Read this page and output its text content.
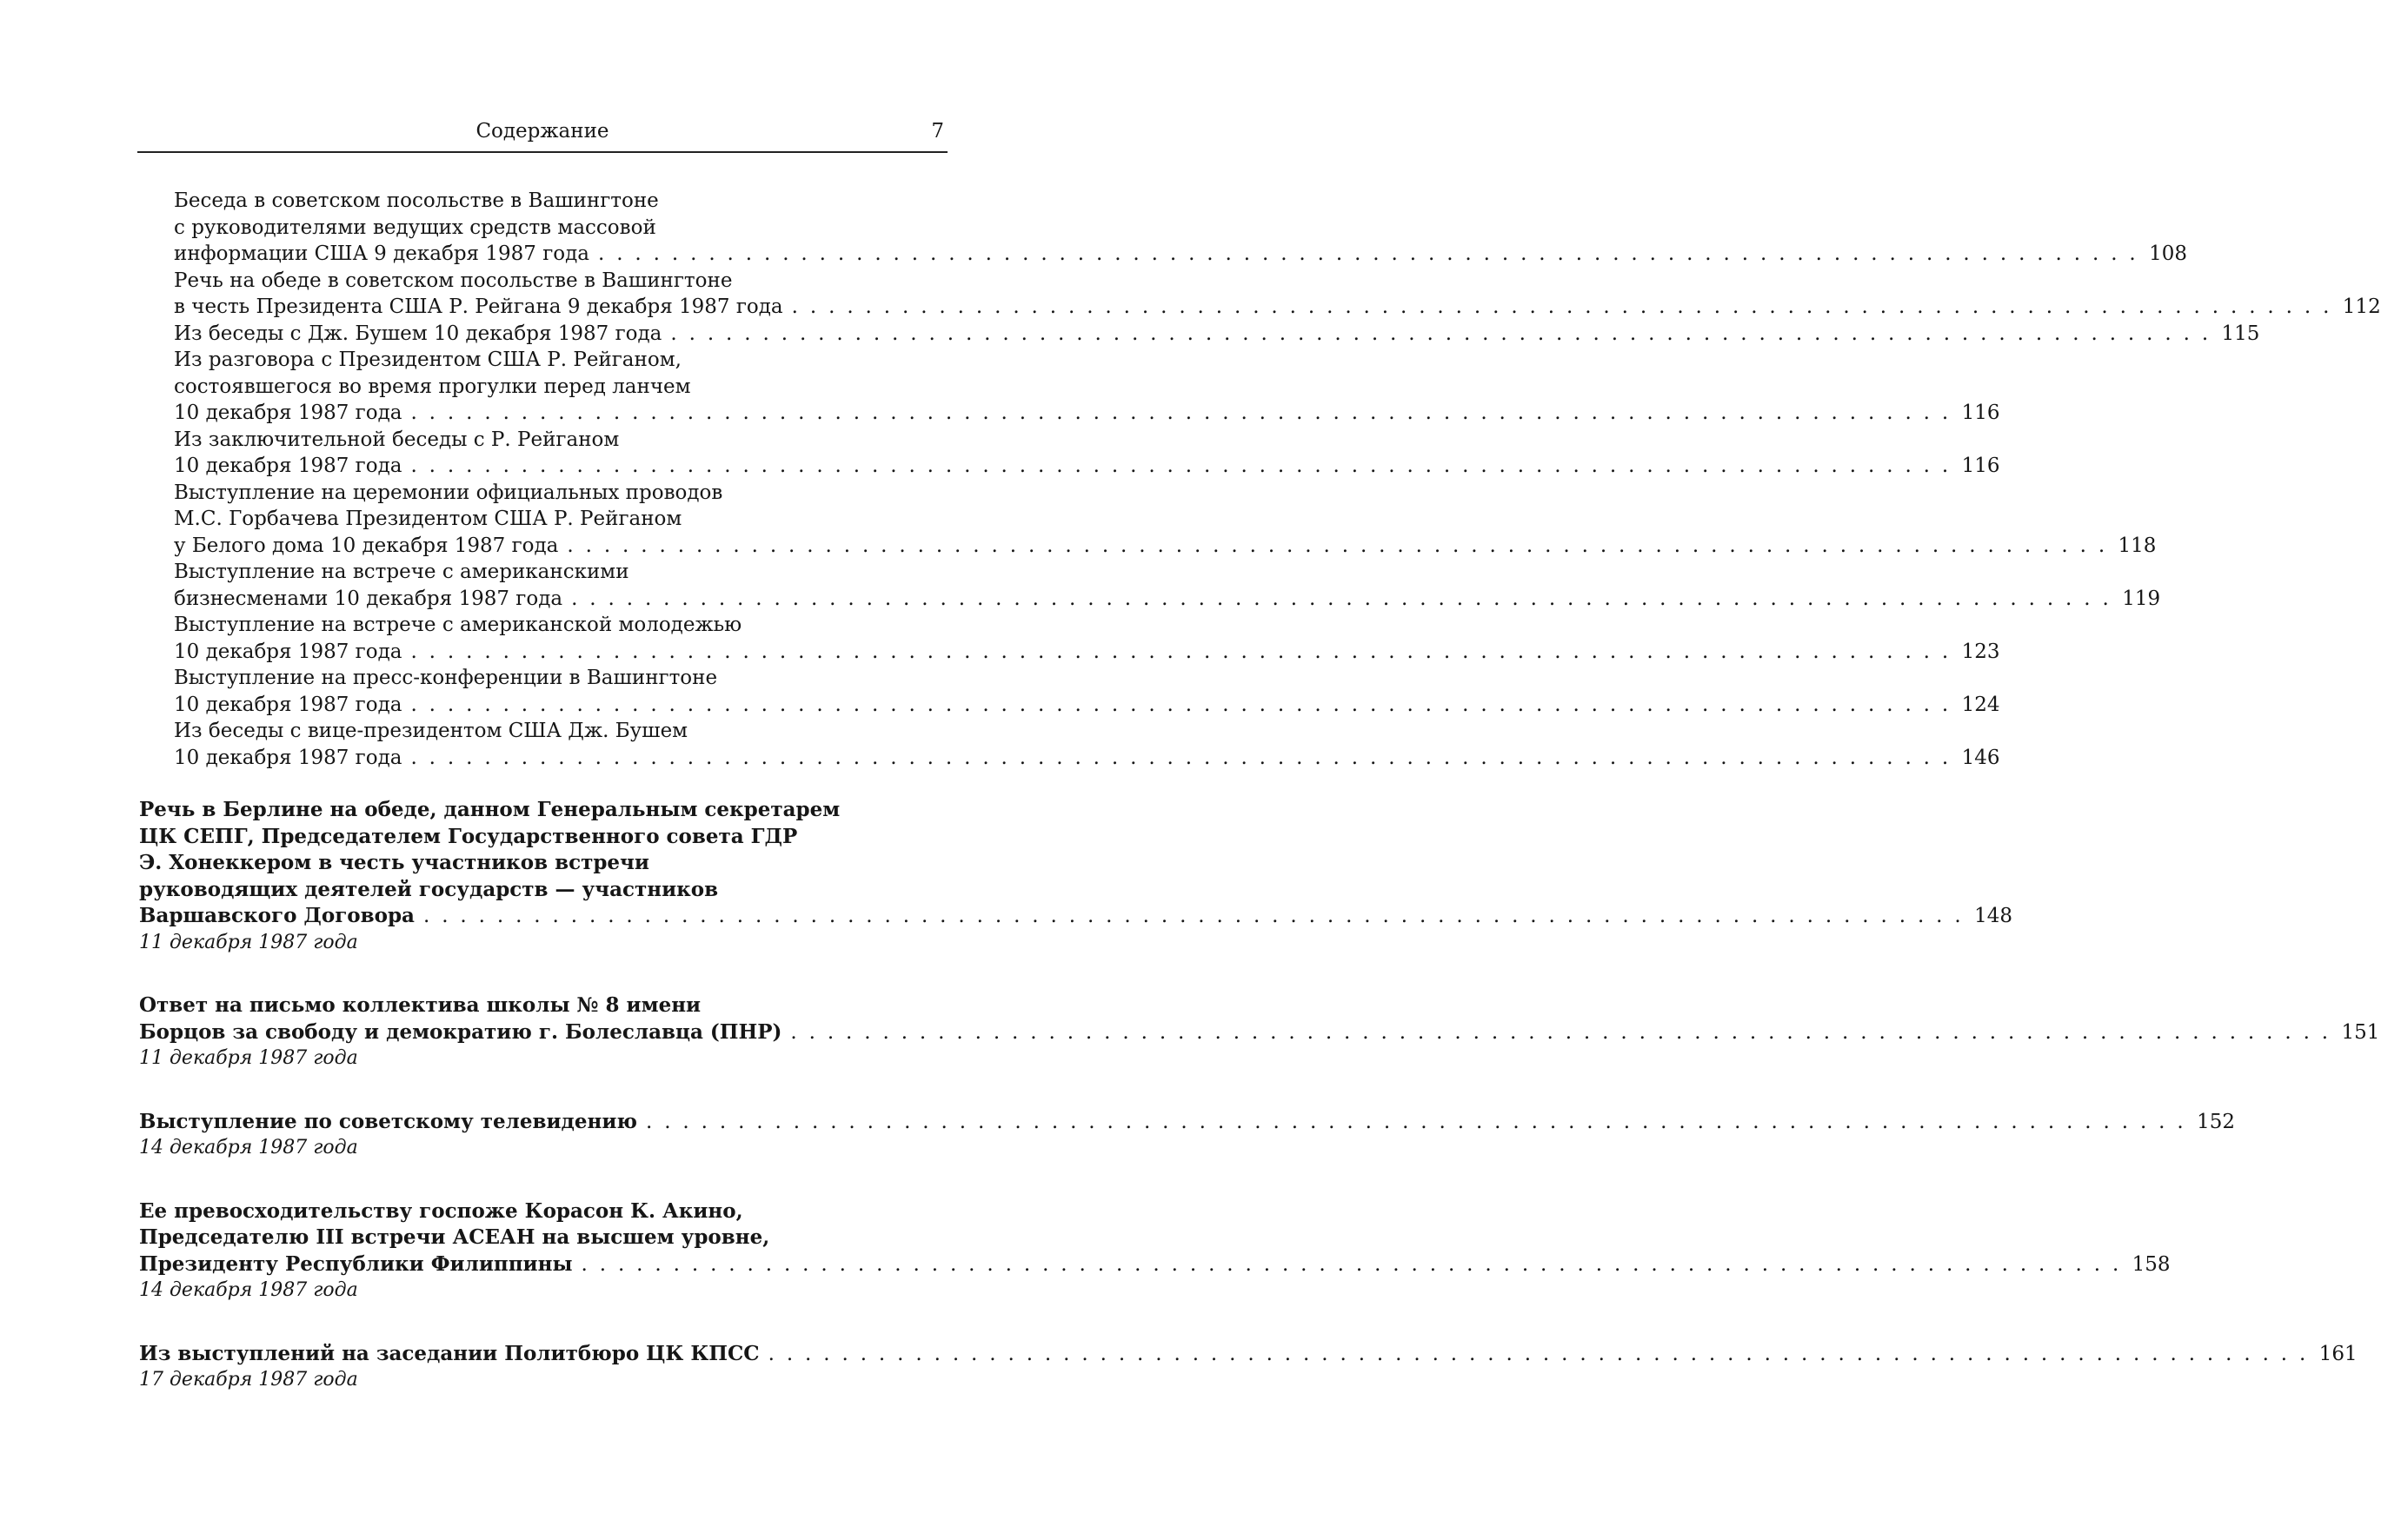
Содержание	7
Беседа в советском посольстве в Вашингтоне
с руководителями ведущих средств массовой
информации США 9 декабря 1987 года . . . . . . . . . . . . . . . . . . . . . . . . . . . . . . . . . . . . . . . . . . . . . . . . . . . . . . . . . . . . . . . . . . . . . . . . . . . . . . . . . . . . 108
Речь на обеде в советском посольстве в Вашингтоне
в честь Президента США Р. Рейгана 9 декабря 1987 года . . . . . . . . . . . . . . . . . . . . . . . . . . . . . . . . . . . . . . . . . . . . . . . . . . . . . . . . . . . . . . . . . . . . . . . . . . . . . . . . . . . . 112
Из беседы с Дж. Бушем 10 декабря 1987 года . . . . . . . . . . . . . . . . . . . . . . . . . . . . . . . . . . . . . . . . . . . . . . . . . . . . . . . . . . . . . . . . . . . . . . . . . . . . . . . . . . . . 115
Из разговора с Президентом США Р. Рейганом,
состоявшегося во время прогулки перед ланчем
10 декабря 1987 года . . . . . . . . . . . . . . . . . . . . . . . . . . . . . . . . . . . . . . . . . . . . . . . . . . . . . . . . . . . . . . . . . . . . . . . . . . . . . . . . . . . . 116
Из заключительной беседы с Р. Рейганом
10 декабря 1987 года . . . . . . . . . . . . . . . . . . . . . . . . . . . . . . . . . . . . . . . . . . . . . . . . . . . . . . . . . . . . . . . . . . . . . . . . . . . . . . . . . . . . 116
Выступление на церемонии официальных проводов
М.С. Горбачева Президентом США Р. Рейганом
у Белого дома 10 декабря 1987 года . . . . . . . . . . . . . . . . . . . . . . . . . . . . . . . . . . . . . . . . . . . . . . . . . . . . . . . . . . . . . . . . . . . . . . . . . . . . . . . . . . . . 118
Выступление на встрече с американскими
бизнесменами 10 декабря 1987 года . . . . . . . . . . . . . . . . . . . . . . . . . . . . . . . . . . . . . . . . . . . . . . . . . . . . . . . . . . . . . . . . . . . . . . . . . . . . . . . . . . . . 119
Выступление на встрече с американской молодежью
10 декабря 1987 года . . . . . . . . . . . . . . . . . . . . . . . . . . . . . . . . . . . . . . . . . . . . . . . . . . . . . . . . . . . . . . . . . . . . . . . . . . . . . . . . . . . . 123
Выступление на пресс-конференции в Вашингтоне
10 декабря 1987 года . . . . . . . . . . . . . . . . . . . . . . . . . . . . . . . . . . . . . . . . . . . . . . . . . . . . . . . . . . . . . . . . . . . . . . . . . . . . . . . . . . . . 124
Из беседы с вице-президентом США Дж. Бушем
10 декабря 1987 года . . . . . . . . . . . . . . . . . . . . . . . . . . . . . . . . . . . . . . . . . . . . . . . . . . . . . . . . . . . . . . . . . . . . . . . . . . . . . . . . . . . . 146
Речь в Берлине на обеде, данном Генеральным секретарем
ЦК СЕПГ, Председателем Государственного совета ГДР
Э. Хонеккером в честь участников встречи
руководящих деятелей государств — участников
Варшавского Договора . . . . . . . . . . . . . . . . . . . . . . . . . . . . . . . . . . . . . . . . . . . . . . . . . . . . . . . . . . . . . . . . . . . . . . . . . . . . . . . . . . . . 148
11 декабря 1987 года
Ответ на письмо коллектива школы № 8 имени
Борцов за свободу и демократию г. Болеславца (ПНР) . . . . . . . . . . . . . . . . . . . . . . . . . . . . . . . . . . . . . . . . . . . . . . . . . . . . . . . . . . . . . . . . . . . . . . . . . . . . . . . . . . . . 151
11 декабря 1987 года
Выступление по советскому телевидению . . . . . . . . . . . . . . . . . . . . . . . . . . . . . . . . . . . . . . . . . . . . . . . . . . . . . . . . . . . . . . . . . . . . . . . . . . . . . . . . . . . . 152
14 декабря 1987 года
Ее превосходительству госпоже Корасон К. Акино,
Председателю III встречи АСЕАН на высшем уровне,
Президенту Республики Филиппины . . . . . . . . . . . . . . . . . . . . . . . . . . . . . . . . . . . . . . . . . . . . . . . . . . . . . . . . . . . . . . . . . . . . . . . . . . . . . . . . . . . . 158
14 декабря 1987 года
Из выступлений на заседании Политбюро ЦК КПСС . . . . . . . . . . . . . . . . . . . . . . . . . . . . . . . . . . . . . . . . . . . . . . . . . . . . . . . . . . . . . . . . . . . . . . . . . . . . . . . . . . . . 161
17 декабря 1987 года
